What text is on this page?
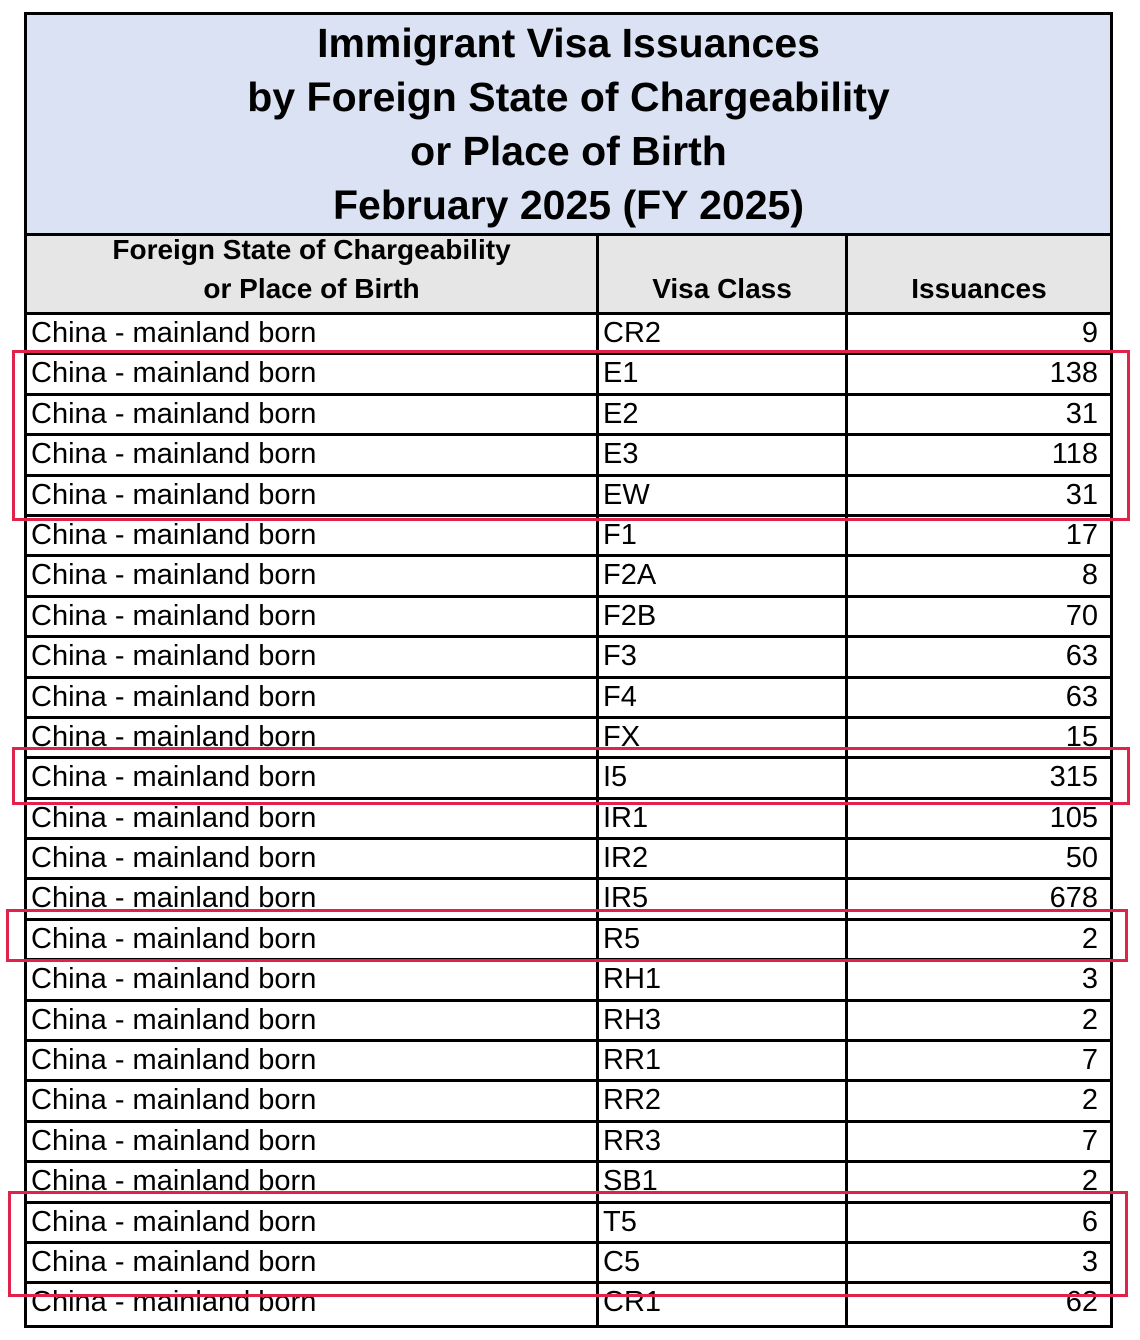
Immigrant Visa Issuances
by Foreign State of Chargeability
or Place of Birth
February 2025 (FY 2025)
Foreign State of Chargeability
or Place of Birth	Visa Class	Issuances
China - mainland born	CR2	9
China - mainland born	E1	138
China - mainland born	E2	31
China - mainland born	E3	118
China - mainland born	EW	31
China - mainland born	F1	17
China - mainland born	F2A	8
China - mainland born	F2B	70
China - mainland born	F3	63
China - mainland born	F4	63
China - mainland born	FX	15
China - mainland born	I5	315
China - mainland born	IR1	105
China - mainland born	IR2	50
China - mainland born	IR5	678
China - mainland born	R5	2
China - mainland born	RH1	3
China - mainland born	RH3	2
China - mainland born	RR1	7
China - mainland born	RR2	2
China - mainland born	RR3	7
China - mainland born	SB1	2
China - mainland born	T5	6
China - mainland born	C5	3
China - mainland born	CR1	62
